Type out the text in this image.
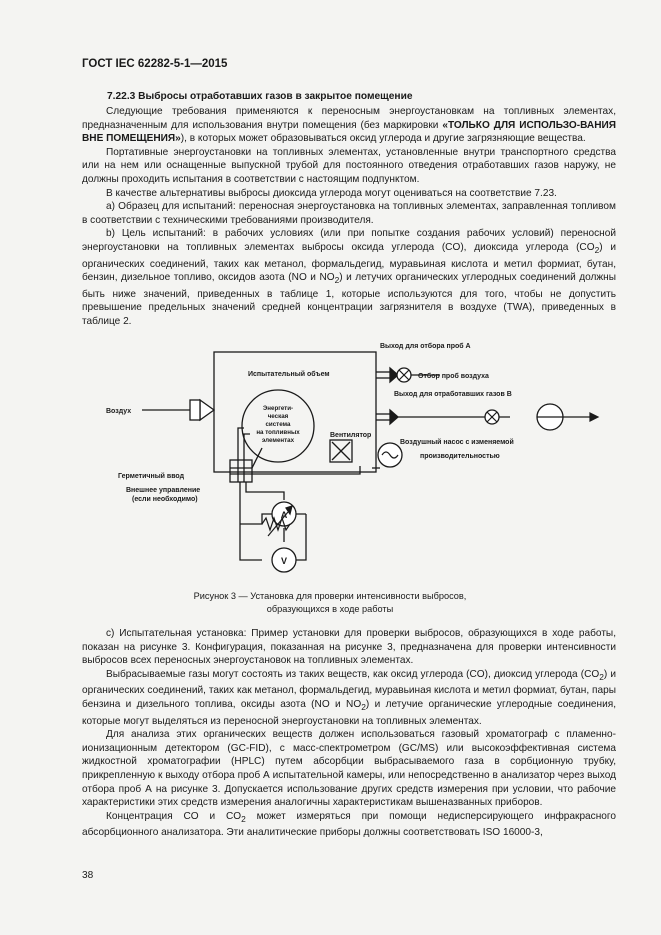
ГОСТ IEC 62282-5-1—2015
7.22.3 Выбросы отработавших газов в закрытое помещение

Следующие требования применяются к переносным энергоустановкам на топливных элементах, предназначенным для использования внутри помещения (без маркировки «ТОЛЬКО ДЛЯ ИСПОЛЬЗО-ВАНИЯ ВНЕ ПОМЕЩЕНИЯ»), в которых может образовываться оксид углерода и другие загрязняющие вещества.

Портативные энергоустановки на топливных элементах, установленные внутри транспортного средства или на нем или оснащенные выпускной трубой для постоянного отведения отработавших газов наружу, не должны проходить испытания в соответствии с настоящим подпунктом.

В качестве альтернативы выбросы диоксида углерода могут оцениваться на соответствие 7.23.

а) Образец для испытаний: переносная энергоустановка на топливных элементах, заправленная топливом в соответствии с техническими требованиями производителя.

b) Цель испытаний: в рабочих условиях (или при попытке создания рабочих условий) переносной энергоустановки на топливных элементах выбросы оксида углерода (CO), диоксида углерода $(CO_2)$ и органических соединений, таких как метанол, формальдегид, муравьиная кислота и метил формиат, бутан, бензин, дизельное топливо, оксидов азота (NO и $NO_2$) и летучих органических углеродных соединений должны быть ниже значений, приведенных в таблице 1, которые используются для того, чтобы не допустить превышение предельных значений средней концентрации загрязнителя в воздухе (TWA), приведенных в таблице 2.

Испытательный объем
Воздух
Выход для отбора проб А
Отбор проб воздуха
Выход для отработавших газов В
Вентилятор
Воздушный насос с изменяемой
производительностью
Герметичный ввод
Внешнее управление
(если необходимо)
Энергети-
ческая
система
на топливных
элементах
A
V
Рисунок 3 — Установка для проверки интенсивности выбросов,
образующихся в ходе работы

с) Испытательная установка: Пример установки для проверки выбросов, образующихся в ходе работы, показан на рисунке 3. Конфигурация, показанная на рисунке 3, предназначена для проверки интенсивности выбросов всех переносных энергоустановок на топливных элементах.

Выбрасываемые газы могут состоять из таких веществ, как оксид углерода (CO), диоксид углерода $(CO_2)$ и органических соединений, таких как метанол, формальдегид, муравьиная кислота и метил формиат, бутан, пары бензина и дизельного топлива, оксиды азота (NO и $NO_2$) и летучие органические углеродные соединения, которые могут выделяться из переносной энергоустановки на топливных элементах.

Для анализа этих органических веществ должен использоваться газовый хроматограф с пламенно-ионизационным детектором (GC-FID), с масс-спектрометром (GC/MS) или высокоэффективная система жидкостной хроматографии (HPLC) путем абсорбции выбрасываемого газа в сорбционную трубку, прикрепленную к выходу отбора проб А испытательной камеры, или непосредственно в анализатор через выход отбора проб А на рисунке 3. Допускается использование других средств измерения при условии, что рабочие характеристики этих средств измерения аналогичны характеристикам вышеназванных приборов.

Концентрация CO и $CO_2$ может измеряться при помощи недисперсирующего инфракрасного абсорбционного анализатора. Эти аналитические приборы должны соответствовать ISO 16000-3,

38
